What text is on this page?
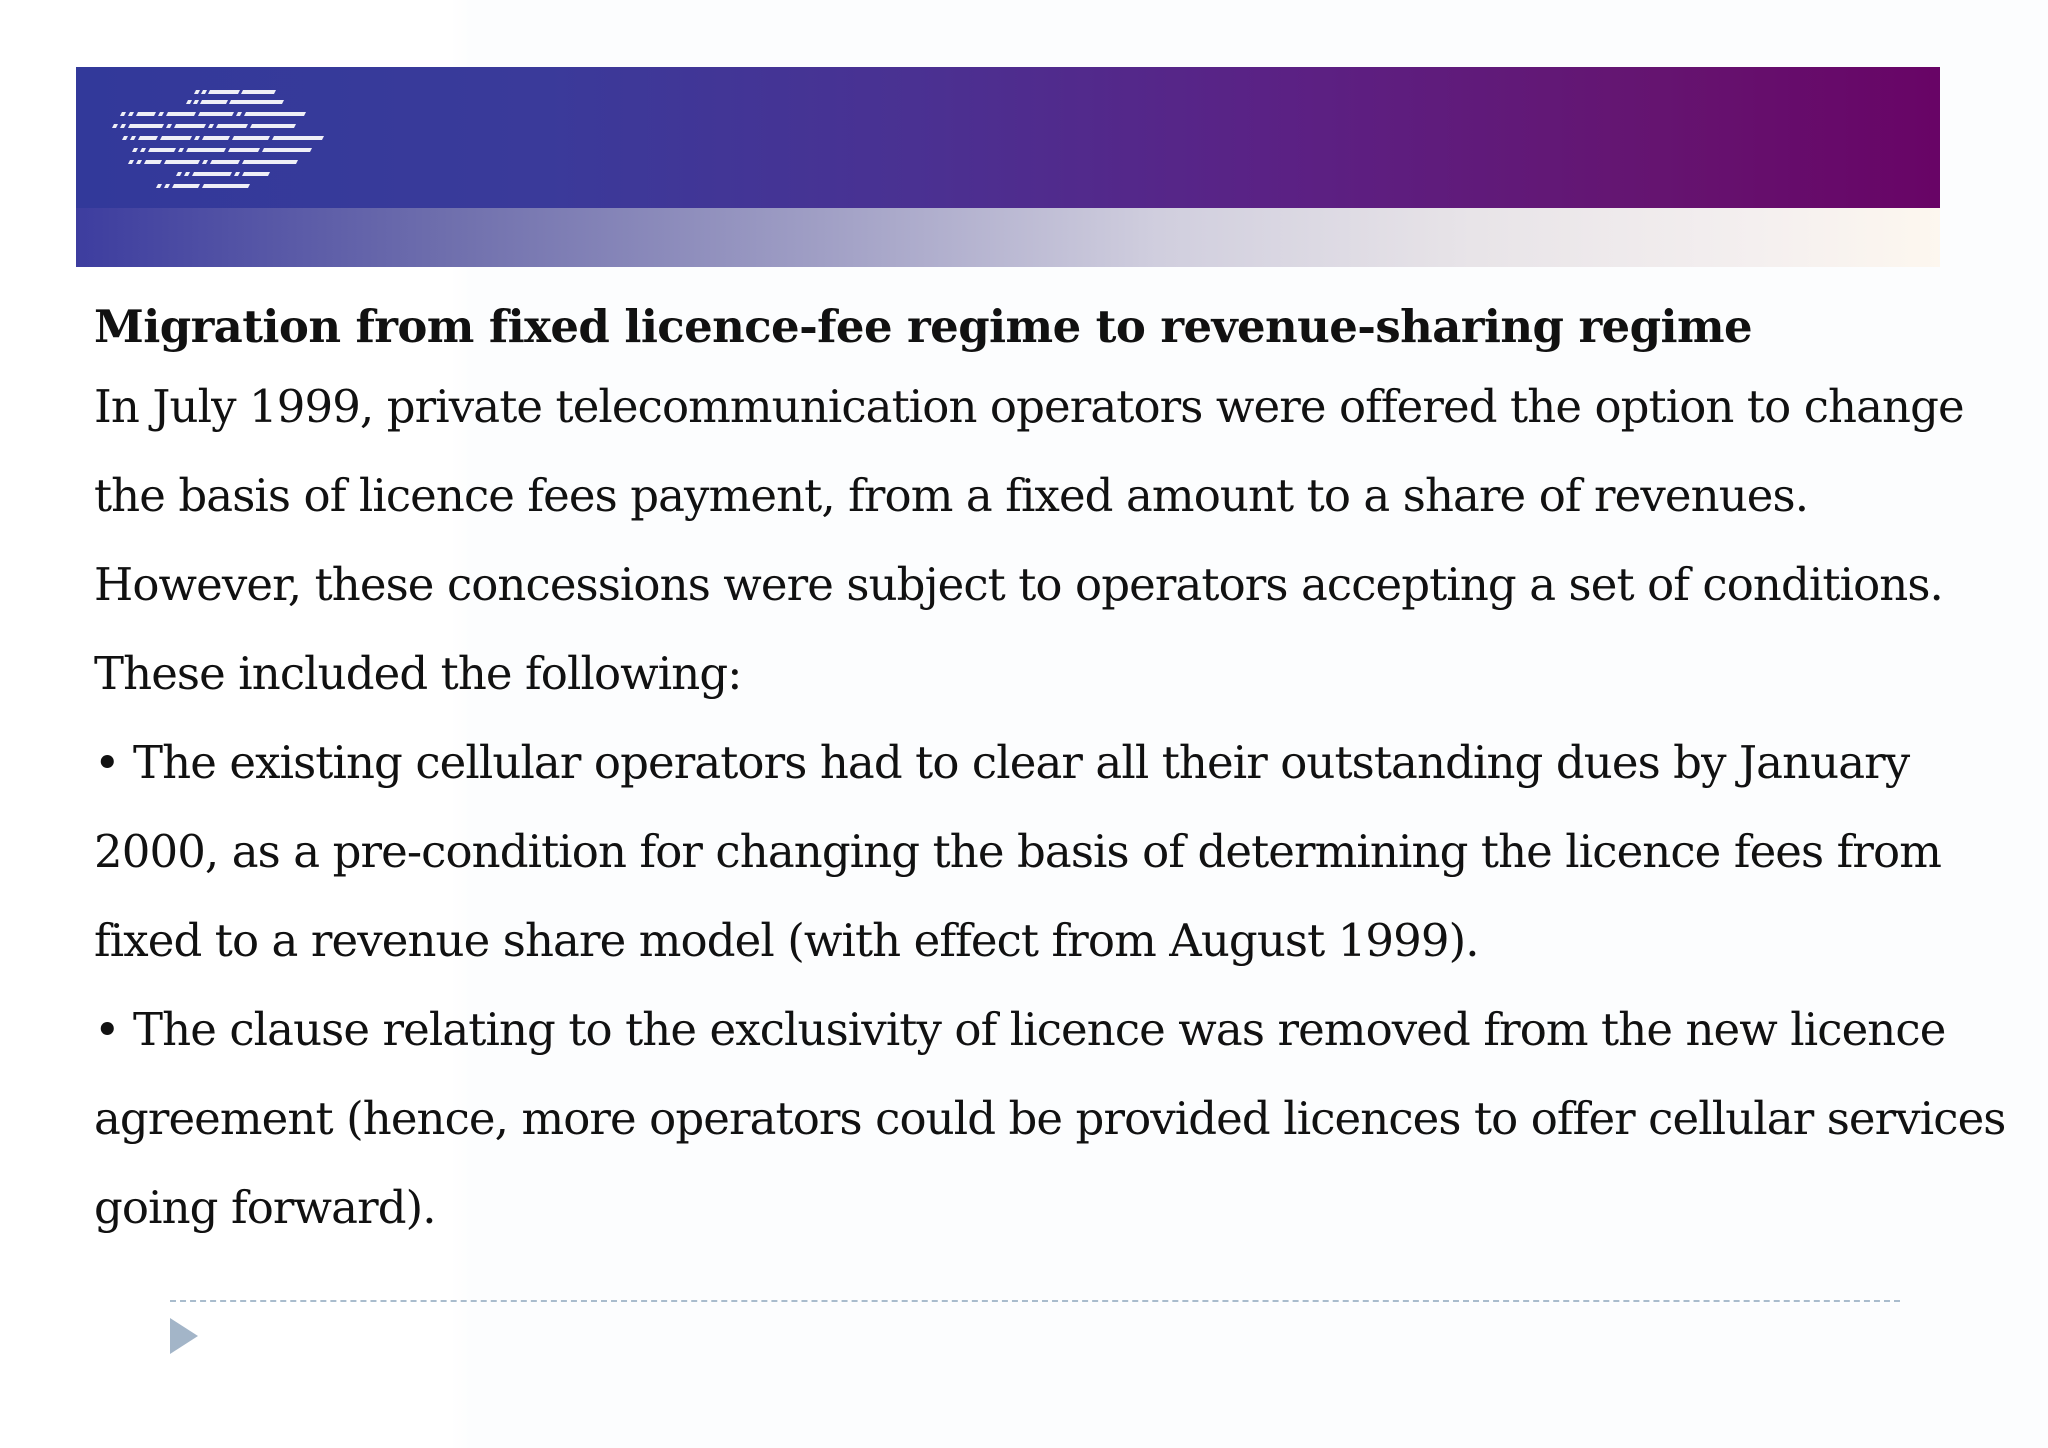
Migration from fixed licence-fee regime to revenue-sharing regime

In July 1999, private telecommunication operators were offered the option to change

the basis of licence fees payment, from a fixed amount to a share of revenues.

However, these concessions were subject to operators accepting a set of conditions.

These included the following:

• The existing cellular operators had to clear all their outstanding dues by January

2000, as a pre-condition for changing the basis of determining the licence fees from

fixed to a revenue share model (with effect from August 1999).

• The clause relating to the exclusivity of licence was removed from the new licence

agreement (hence, more operators could be provided licences to offer cellular services

going forward).
